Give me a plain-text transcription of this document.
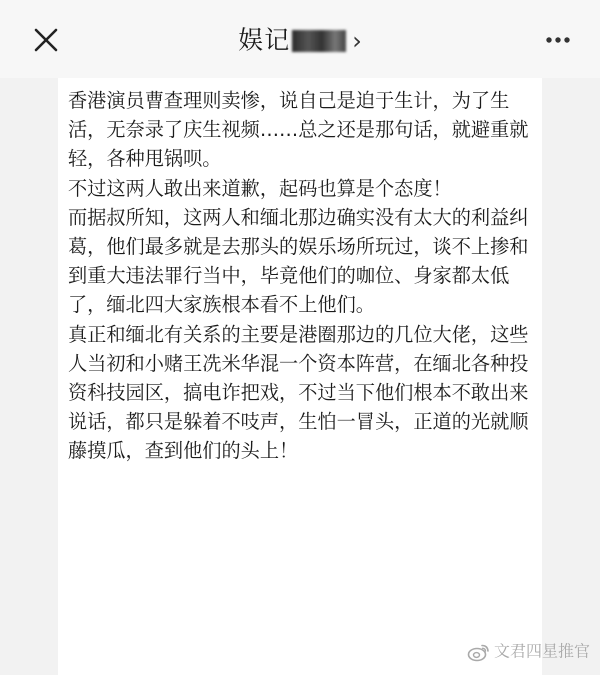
娱记	›

香港演员曹查理则卖惨，说自己是迫于生计，为了生活，无奈录了庆生视频……总之还是那句话，就避重就轻，各种甩锅呗。

不过这两人敢出来道歉，起码也算是个态度！

而据叔所知，这两人和缅北那边确实没有太大的利益纠葛，他们最多就是去那头的娱乐场所玩过，谈不上掺和到重大违法罪行当中，毕竟他们的咖位、身家都太低了，缅北四大家族根本看不上他们。

真正和缅北有关系的主要是港圈那边的几位大佬，这些人当初和小赌王冼米华混一个资本阵营，在缅北各种投资科技园区，搞电诈把戏，不过当下他们根本不敢出来说话，都只是躲着不吱声，生怕一冒头，正道的光就顺藤摸瓜，查到他们的头上！

文君四星推官
